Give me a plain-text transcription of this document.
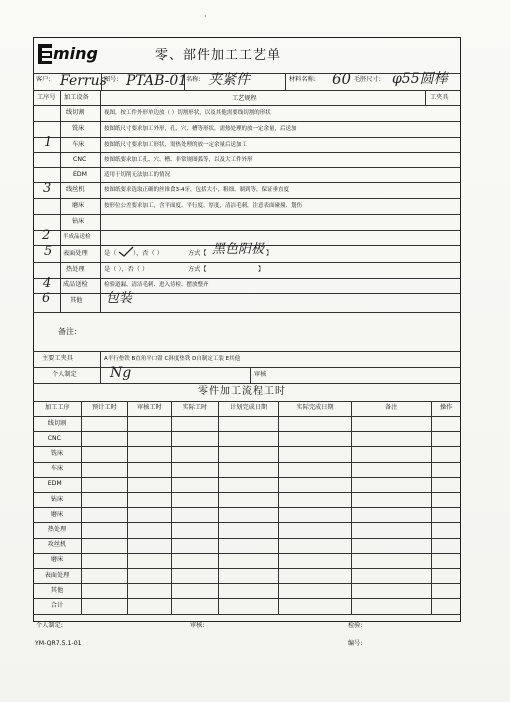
·
ming	零、部件加工工艺单
客户: Ferrus
图号: PTAB-01
名称: 夹紧件	材料名称: 60 毛胚尺寸: φ55圆棒
工序号 加工设备	工艺规程	工夹具
线切割	视图，按工件外形单边放（ ）切割形状，以及其他需要线切割的形状
铣床	按图纸尺寸要求加工外形，孔、穴、槽等形状，需热处理的放一定余量，后送加
1	车床	按图纸尺寸要求加工形状，需热处理的放一定余量后送加工
CNC	按图纸要求加工孔、穴、槽、非常规图弧等，以及大工件外形
EDM	适用于切削无法加工的情况
3 线丝机	按图纸要求选取正确的丝锥食3-4牙，包括大小，粗细、制到等，保证垂直度
磨床	按形位公差要求加工，含平面度、平行度、厚度，清洁毛刺，注意表面碰撞、划伤
钻床
2 半成品送检
5 表面处理	是（	），否（ ）	方式【 黑色阳极 】
热处理	是（ ），否（ ）	方式【	】
4 成品送检	检验道漏、清洁毛刺、进入待检、摆放整齐
6	其他 包装
备注:
主要工夹具	A平行垫铁 B直角平口钳 C斜度垫铁 D自制定工装 E其他
个人制定 Ng	审核
零件加工流程工时
个人制定:	审核:	检验:
YM-QR7.5.1-01	编号:
加工工序	预计工时	审核工时	实际工时	计划完成日期	实际完成日期	备注	操作
线切割
CNC
铣床
车床
EDM
钻床
磨床
热处理
攻丝机
磨床
表面处理
其他
合计
